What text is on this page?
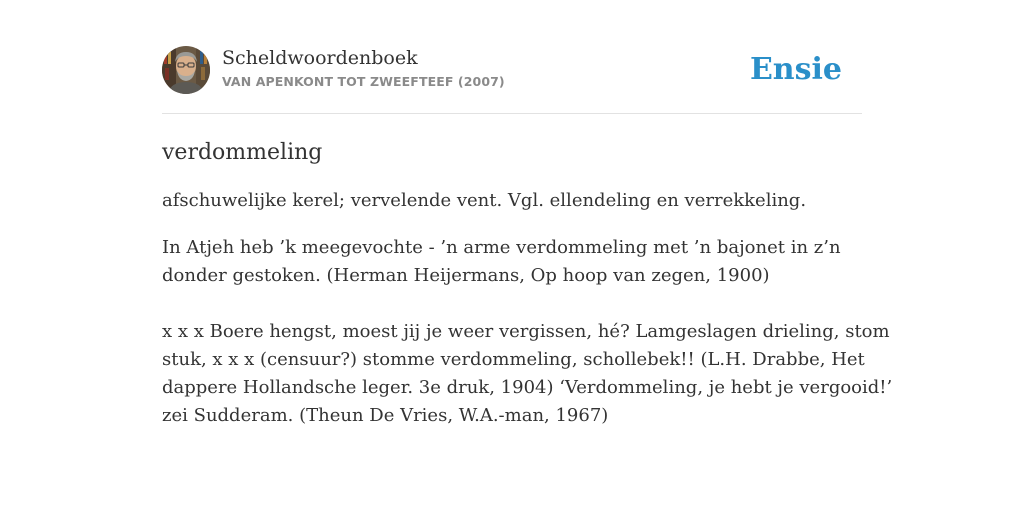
Scheldwoordenboek
VAN APENKONT TOT ZWEEFTEEF (2007)	Ensie
verdommeling

afschuwelijke kerel; vervelende vent. Vgl. ellendeling en verrekkeling.

In Atjeh heb ’k meegevochte - ’n arme verdommeling met ’n bajonet in z’n
donder gestoken. (Herman Heijermans, Op hoop van zegen, 1900)
x x x Boere hengst, moest jij je weer vergissen, hé? Lamgeslagen drieling, stom
stuk, x x x (censuur?) stomme verdommeling, schollebek!! (L.H. Drabbe, Het
dappere Hollandsche leger. 3e druk, 1904) ‘Verdommeling, je hebt je vergooid!’
zei Sudderam. (Theun De Vries, W.A.-man, 1967)
